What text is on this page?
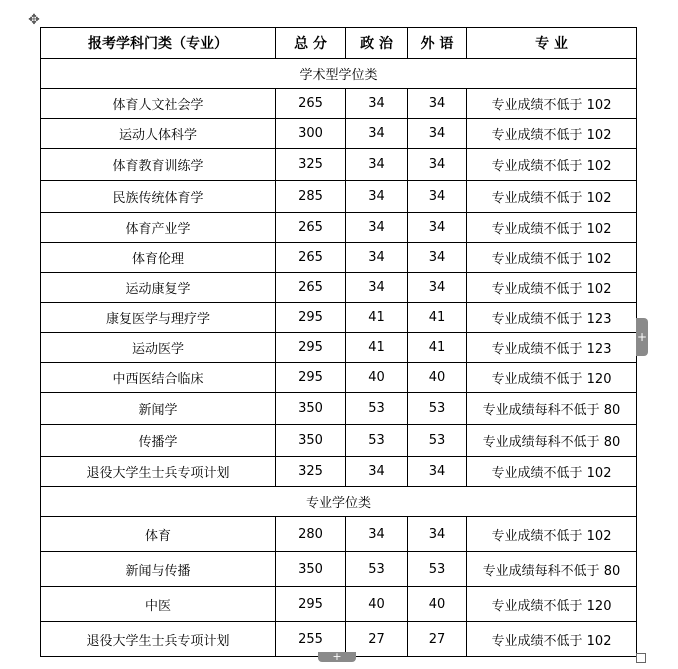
✥
报考学科门类（专业）	总 分	政 治	外 语	专 业
学术型学位类				
体育人文社会学	265	34	34	专业成绩不低于 102
运动人体科学	300	34	34	专业成绩不低于 102
体育教育训练学	325	34	34	专业成绩不低于 102
民族传统体育学	285	34	34	专业成绩不低于 102
体育产业学	265	34	34	专业成绩不低于 102
体育伦理	265	34	34	专业成绩不低于 102
运动康复学	265	34	34	专业成绩不低于 102
康复医学与理疗学	295	41	41	专业成绩不低于 123
运动医学	295	41	41	专业成绩不低于 123
中西医结合临床	295	40	40	专业成绩不低于 120
新闻学	350	53	53	专业成绩每科不低于 80
传播学	350	53	53	专业成绩每科不低于 80
退役大学生士兵专项计划	325	34	34	专业成绩不低于 102
专业学位类				
体育	280	34	34	专业成绩不低于 102
新闻与传播	350	53	53	专业成绩每科不低于 80
中医	295	40	40	专业成绩不低于 120
退役大学生士兵专项计划	255	27	27	专业成绩不低于 102
+
+
